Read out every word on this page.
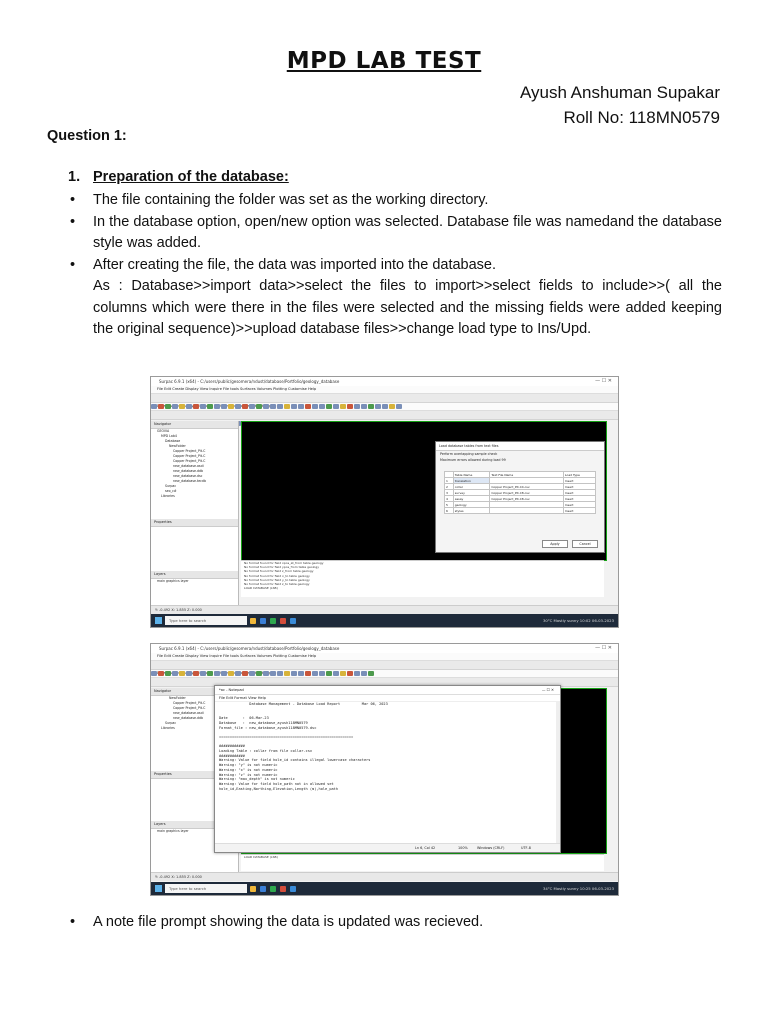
MPD LAB TEST
Ayush Anshuman Supakar
Roll No: 118MN0579
Question 1:
1. Preparation of the database:
• The file containing the folder was set as the working directory.
• In the database option, open/new option was selected. Database file was namedand the database style was added.
• After creating the file, the data was imported into the database.

As : Database>>import data>>select the files to import>>select fields to include>>( all the columns which were there in the files were selected and the missing fields were added keeping the original sequence)>>upload database files>>change load type to Ins/Upd.
Surpac 6.9.1 (x64) - C:/users/public/gesomera/ndust/database/Portfolio/geology_database	— ☐ ✕
File Edit Create Display View Inquire File tools Surfaces Volumes Plotting Customise Help
Navigator
GEOVIA
MPD Lab4
Database
NewFolder
Copper Project_Pit-C
Copper Project_Pit-C
Copper Project_Pit-C
new_database.ascii
new_database.ddb
new_database.dsc
new_database.tecdb
Surpac
seo_c#
Libraries
Properties
Layers
main graphics layer
Load database tables from text files
Perform overlapping sample check
Maximum errors allowed during load 99
	Table Name	Text File Name	Load Type
1	translation		Insert
2	collar	Copper Project_Pit-C4.csv	Insert
3	survey	Copper Project_Pit-C8.csv	Insert
4	assay	Copper Project_Pit-C8.csv	Insert
5	geology		Insert
6	styles		Insert
Apply	Cancel
No format found for field xpos_at_from table geology
No format found for field ypos_from table geology
No format found for field z_from table geology
No format found for field x_to table geology
No format found for field y_to table geology
No format found for field z_to table geology
LOAD DATABASE (LSB)
Y: -0.492 X: 1.855 Z: 0.000
Type here to search	30°C Mostly sunny 10:02 06-03-2023
Surpac 6.9.1 (x64) - C:/users/public/gesomera/ndust/database/Portfolio/geology_database	— ☐ ✕
File Edit Create Display View Inquire File tools Surfaces Volumes Plotting Customise Help
Navigator
NewFolder
Copper Project_Pit-C
Copper Project_Pit-C
new_database.ascii
new_database.ddb
Surpac
Libraries
Properties
Layers
main graphics layer
*ac - Notepad	— ☐ ✕
File Edit Format View Help
Database Management - Database Load Report          Mar 06, 2023

Date       :  06-Mar-23
Database   :  new_database_ayush118MN0579
Format_file : new_database_ayush118MN0579.dsc

==============================================================

############
Loading Table : collar from file collar.csv
############
Warning: Value for field hole_id contains illegal lowercase characters
Warning: "y" is not numeric
Warning: "x" is not numeric
Warning: "z" is not numeric
Warning: "max_depth" is not numeric
Warning: Value for field hole_path not in allowed set
hole_id,Easting,Northing,Elevation,Length (m),hole_path
Ln 6, Col 42	100%	Windows (CRLF)	UTF-8
LOAD DATABASE (LSB)
Y: -0.492 X: 1.855 Z: 0.000
Type here to search	34°C Mostly sunny 10:25 06-03-2023
• A note file prompt showing the data is updated was recieved.
